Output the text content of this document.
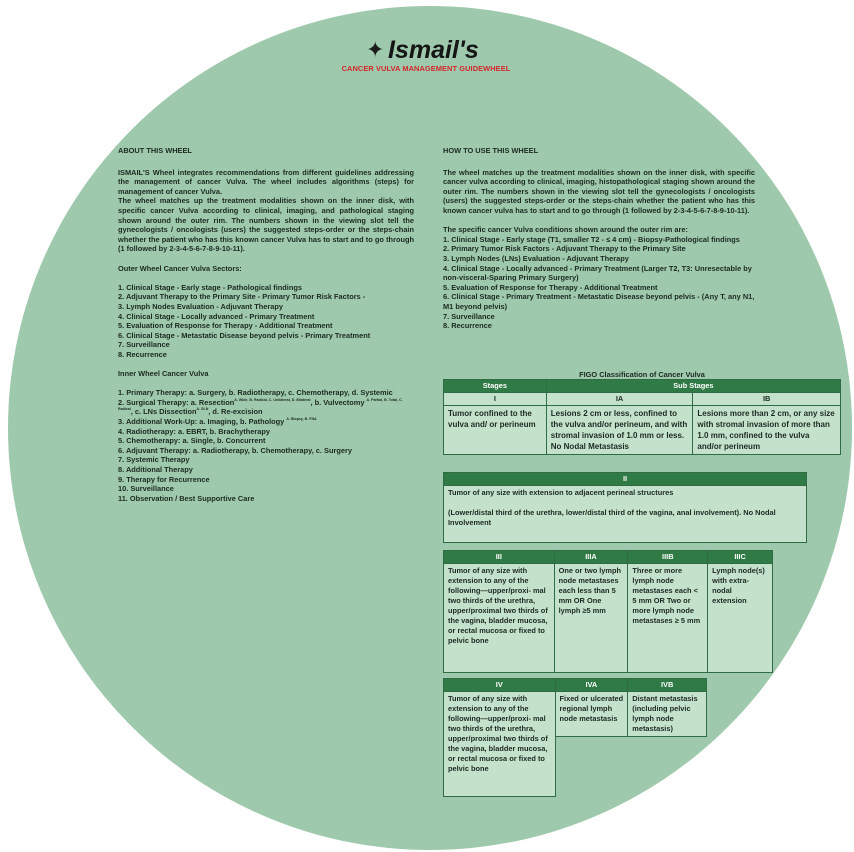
✦ Ismail's
CANCER VULVA MANAGEMENT GUIDEWHEEL

ABOUT THIS WHEEL

ISMAIL'S Wheel integrates recommendations from different guidelines addressing the management of cancer Vulva. The wheel includes algorithms (steps) for management of cancer Vulva.

The wheel matches up the treatment modalities shown on the inner disk, with specific cancer Vulva according to clinical, imaging, and pathological staging shown around the outer rim. The numbers shown in the viewing slot tell the gynecologists / oncologists (users) the suggested steps-order or the steps-chain whether the patient who has this known cancer Vulva has to start and to go through (1 followed by 2-3-4-5-6-7-8-9-10-11).

Outer Wheel Cancer Vulva Sectors:

1. Clinical Stage - Early stage - Pathological findings

2. Adjuvant Therapy to the Primary Site - Primary Tumor Risk Factors -

3. Lymph Nodes Evaluation - Adjuvant Therapy

4. Clinical Stage - Locally advanced - Primary Treatment

5. Evaluation of Response for Therapy - Additional Treatment

6. Clinical Stage - Metastatic Disease beyond pelvis - Primary Treatment

7. Surveillance

8. Recurrence

Inner Wheel Cancer Vulva

1. Primary Therapy: a. Surgery, b. Radiotherapy, c. Chemotherapy, d. Systemic

2. Surgical Therapy: a. Resection$^{A. Wide, B. Radical, C. Unilateral, D. Bilateral}$, b. Vulvectomy $^{A. Partial, B. Total, C. Radical}$, c. LNs Dissection$^{A. SLN}$, d. Re-excision

3. Additional Work-Up: a. Imaging, b. Pathology $^{A. Biopsy, B. FNA}$

4. Radiotherapy: a. EBRT, b. Brachytherapy

5. Chemotherapy: a. Single, b. Concurrent

6. Adjuvant Therapy: a. Radiotherapy, b. Chemotherapy, c. Surgery

7. Systemic Therapy

8. Additional Therapy

9. Therapy for Recurrence

10. Surveillance

11. Observation / Best Supportive Care

HOW TO USE THIS WHEEL

The wheel matches up the treatment modalities shown on the inner disk, with specific cancer vulva according to clinical, imaging, histopathological staging shown around the outer rim. The numbers shown in the viewing slot tell the gynecologists / oncologists (users) the suggested steps-order or the steps-chain whether the patient who has this known cancer vulva has to start and to go through (1 followed by 2-3-4-5-6-7-8-9-10-11).

The specific cancer Vulva conditions shown around the outer rim are:

1. Clinical Stage - Early stage (T1, smaller T2 - ≤ 4 cm) - Biopsy-Pathological findings

2. Primary Tumor Risk Factors - Adjuvant Therapy to the Primary Site

3. Lymph Nodes (LNs) Evaluation - Adjuvant Therapy

4. Clinical Stage - Locally advanced - Primary Treatment (Larger T2, T3: Unresectable by non-visceral-Sparing Primary Surgery)

5. Evaluation of Response for Therapy - Additional Treatment

6. Clinical Stage - Primary Treatment - Metastatic Disease beyond pelvis - (Any T, any N1, M1 beyond pelvis)

7. Surveillance

8. Recurrence

FIGO Classification of Cancer Vulva
Stages	Sub Stages	
I	IA	IB
Tumor confined to the vulva and/ or perineum	Lesions 2 cm or less, confined to the vulva and/or perineum, and with stromal invasion of 1.0 mm or less. No Nodal Metastasis	Lesions more than 2 cm, or any size with stromal invasion of more than 1.0 mm, confined to the vulva and/or perineum
II

Tumor of any size with extension to adjacent perineal structures
(Lower/distal third of the urethra, lower/distal third of the vagina, anal involvement). No Nodal Involvement
III	IIIA	IIIB	IIIC
Tumor of any size with extension to any of the following—upper/proxi- mal two thirds of the urethra, upper/proximal two thirds of the vagina, bladder mucosa, or rectal mucosa or fixed to pelvic bone	One or two lymph node metastases each less than 5 mm OR One lymph ≥5 mm	Three or more lymph node metastases each < 5 mm OR Two or more lymph node metastases ≥ 5 mm	Lymph node(s) with extra-nodal extension
IV	IVA	IVB
Tumor of any size with extension to any of the following—upper/proxi- mal two thirds of the urethra, upper/proximal two thirds of the vagina, bladder mucosa, or rectal mucosa or fixed to pelvic bone	Fixed or ulcerated regional lymph node metastasis	Distant metastasis (including pelvic lymph node metastasis)
